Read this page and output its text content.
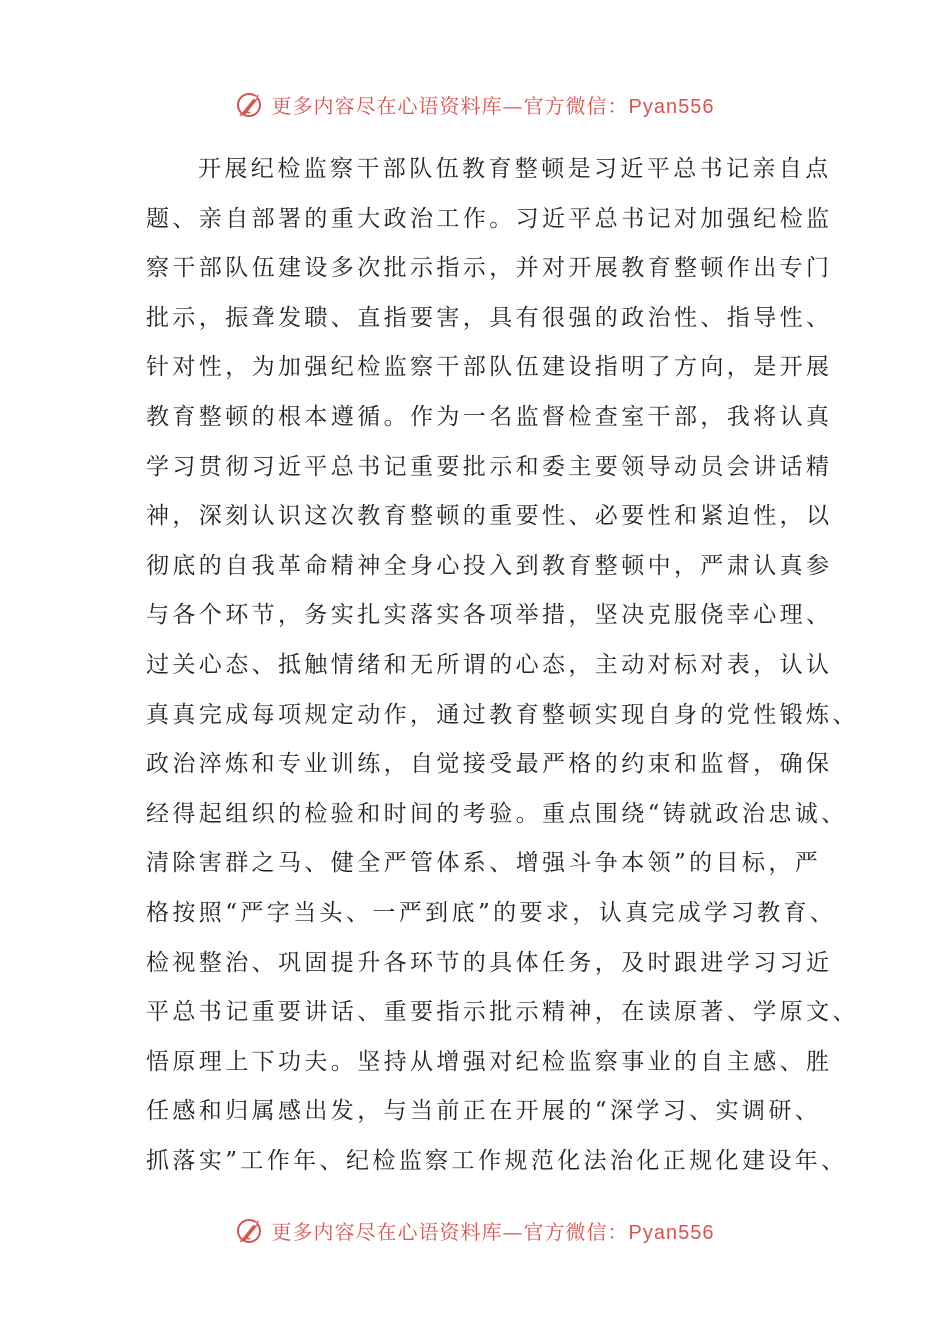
更多内容尽在心语资料库—官方微信：Pyan556
开展纪检监察干部队伍教育整顿是习近平总书记亲自点
题、亲自部署的重大政治工作。习近平总书记对加强纪检监
察干部队伍建设多次批示指示，并对开展教育整顿作出专门
批示，振聋发聩、直指要害，具有很强的政治性、指导性、
针对性，为加强纪检监察干部队伍建设指明了方向，是开展
教育整顿的根本遵循。作为一名监督检查室干部，我将认真
学习贯彻习近平总书记重要批示和委主要领导动员会讲话精
神，深刻认识这次教育整顿的重要性、必要性和紧迫性，以
彻底的自我革命精神全身心投入到教育整顿中，严肃认真参
与各个环节，务实扎实落实各项举措，坚决克服侥幸心理、
过关心态、抵触情绪和无所谓的心态，主动对标对表，认认
真真完成每项规定动作，通过教育整顿实现自身的党性锻炼、
政治淬炼和专业训练，自觉接受最严格的约束和监督，确保
经得起组织的检验和时间的考验。重点围绕“铸就政治忠诚、
清除害群之马、健全严管体系、增强斗争本领”的目标，严
格按照“严字当头、一严到底”的要求，认真完成学习教育、
检视整治、巩固提升各环节的具体任务，及时跟进学习习近
平总书记重要讲话、重要指示批示精神，在读原著、学原文、
悟原理上下功夫。坚持从增强对纪检监察事业的自主感、胜
任感和归属感出发，与当前正在开展的“深学习、实调研、
抓落实”工作年、纪检监察工作规范化法治化正规化建设年、
更多内容尽在心语资料库—官方微信：Pyan556
